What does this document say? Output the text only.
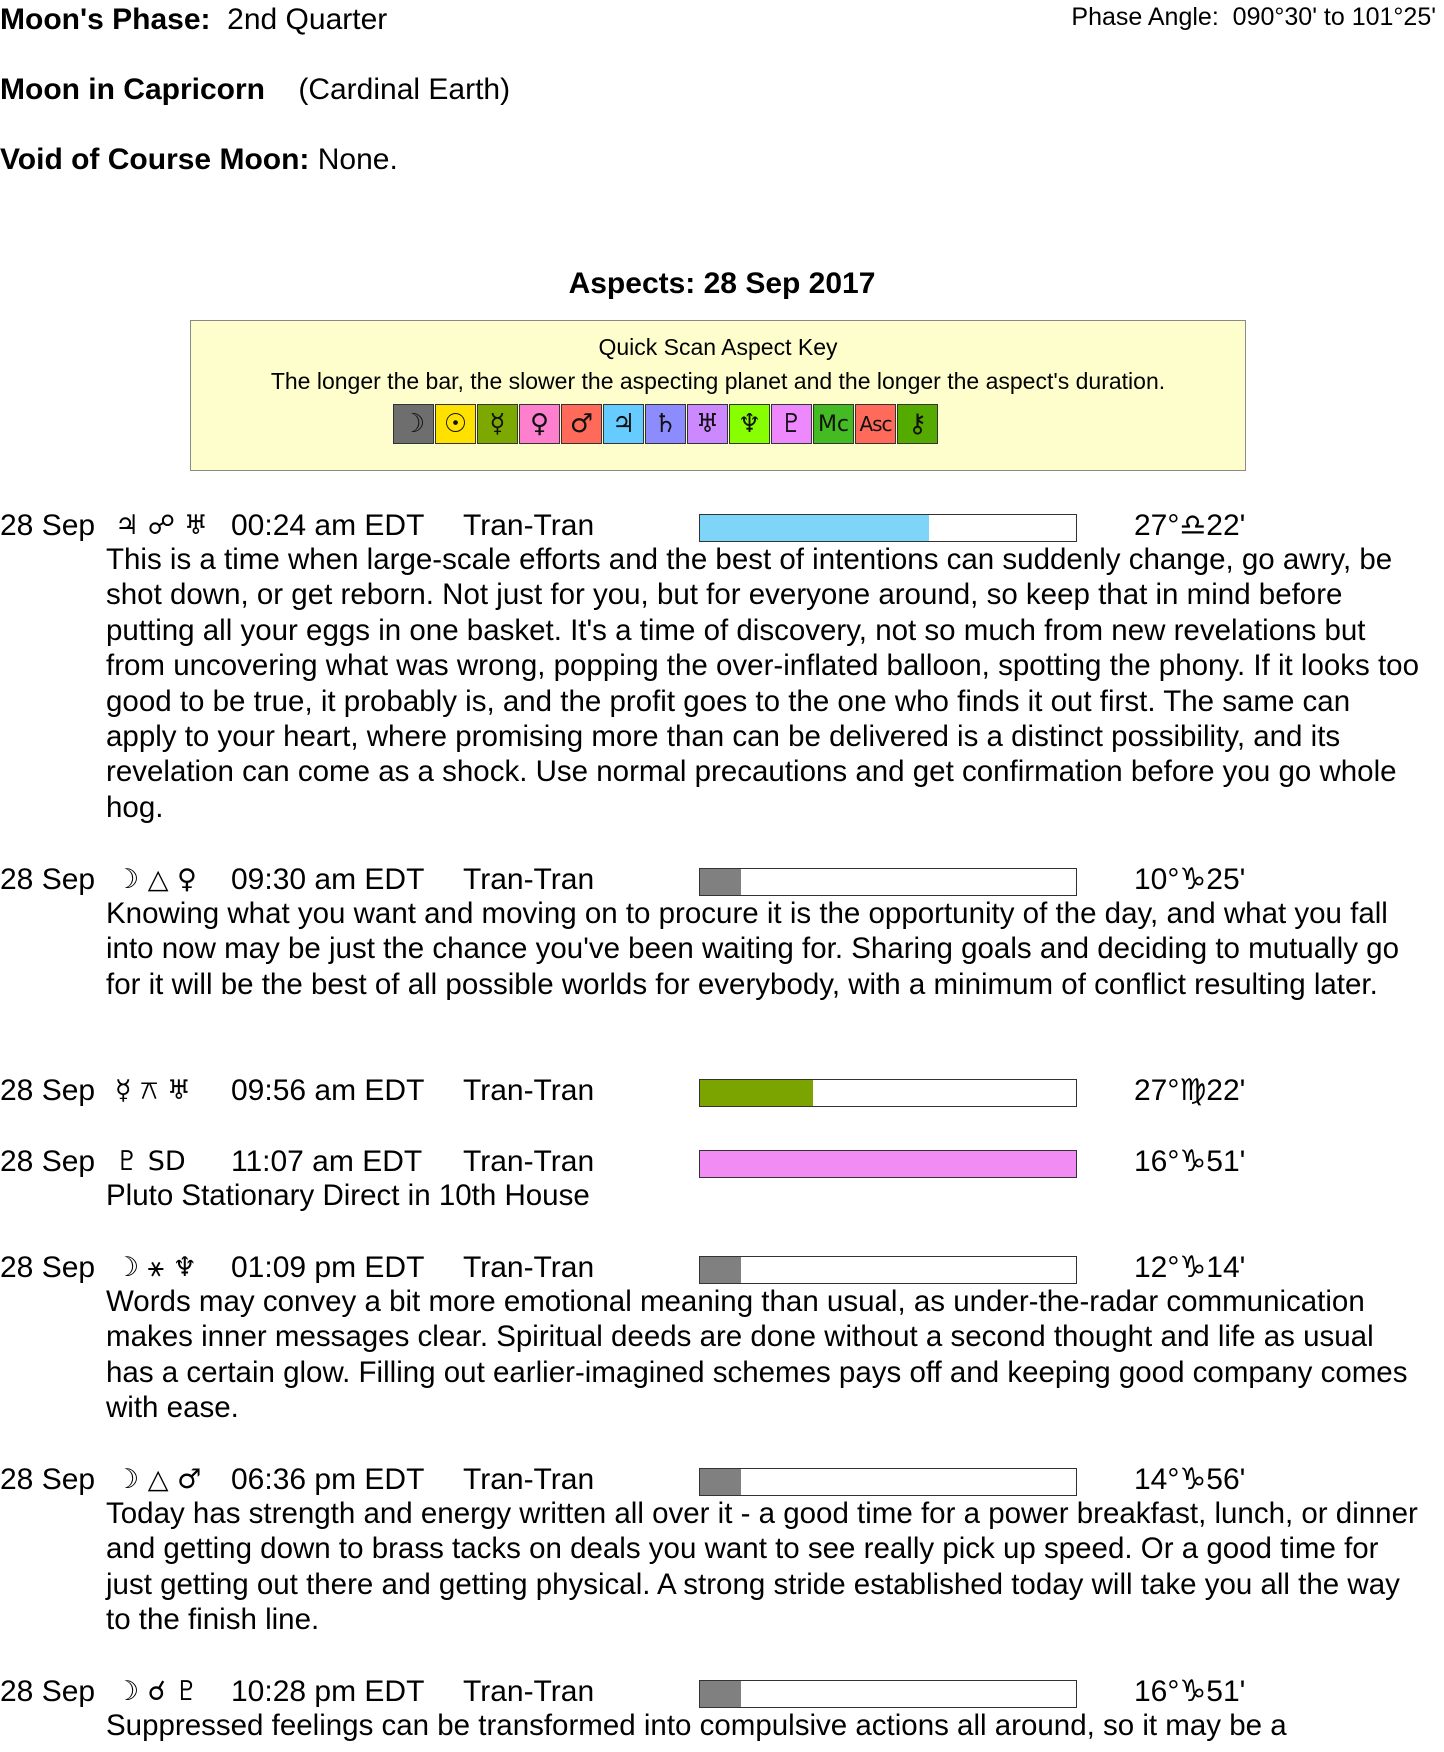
Moon's Phase: 2nd Quarter	Phase Angle: 090°30' to 101°25'
Moon in Capricorn (Cardinal Earth)
Void of Course Moon: None.
Aspects: 28 Sep 2017
Quick Scan Aspect Key
The longer the bar, the slower the aspecting planet and the longer the aspect's duration.
☽ ☉ ☿ ♀ ♂ ♃ ♄ ♅ ♆ ♇ Mc Asc ⚷
28 Sep ♃ ☍ ♅ 00:24 am EDT Tran-Tran	27°♎22'
This is a time when large-scale efforts and the best of intentions can suddenly change, go awry, be shot down, or get reborn. Not just for you, but for everyone around, so keep that in mind before putting all your eggs in one basket. It's a time of discovery, not so much from new revelations but from uncovering what was wrong, popping the over-inflated balloon, spotting the phony. If it looks too good to be true, it probably is, and the profit goes to the one who finds it out first. The same can apply to your heart, where promising more than can be delivered is a distinct possibility, and its revelation can come as a shock. Use normal precautions and get confirmation before you go whole hog.
28 Sep ☽ △ ♀ 09:30 am EDT Tran-Tran	10°♑25'
Knowing what you want and moving on to procure it is the opportunity of the day, and what you fall into now may be just the chance you've been waiting for. Sharing goals and deciding to mutually go for it will be the best of all possible worlds for everybody, with a minimum of conflict resulting later.
28 Sep ☿ ⚻ ♅ 09:56 am EDT Tran-Tran	27°♍22'
28 Sep ♇ SD 11:07 am EDT Tran-Tran	16°♑51'
Pluto Stationary Direct in 10th House
28 Sep ☽ ⚹ ♆ 01:09 pm EDT Tran-Tran	12°♑14'
Words may convey a bit more emotional meaning than usual, as under-the-radar communication makes inner messages clear. Spiritual deeds are done without a second thought and life as usual has a certain glow. Filling out earlier-imagined schemes pays off and keeping good company comes with ease.
28 Sep ☽ △ ♂ 06:36 pm EDT Tran-Tran	14°♑56'
Today has strength and energy written all over it - a good time for a power breakfast, lunch, or dinner and getting down to brass tacks on deals you want to see really pick up speed. Or a good time for just getting out there and getting physical. A strong stride established today will take you all the way to the finish line.
28 Sep ☽ ☌ ♇ 10:28 pm EDT Tran-Tran	16°♑51'
Suppressed feelings can be transformed into compulsive actions all around, so it may be a
